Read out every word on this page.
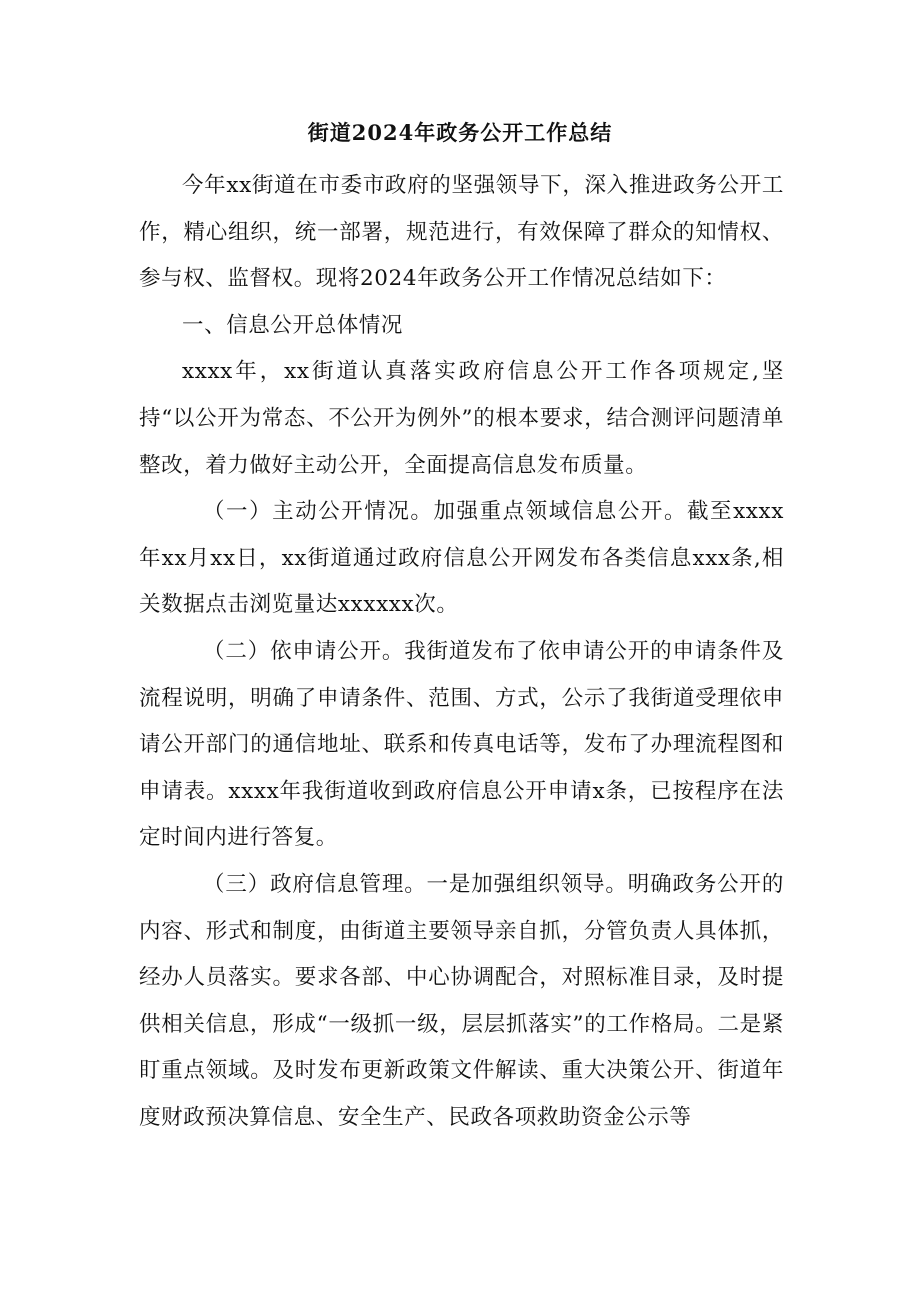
街道2024年政务公开工作总结

今年xx街道在市委市政府的坚强领导下，深入推进政务公开工作，精心组织，统一部署，规范进行，有效保障了群众的知情权、参与权、监督权。现将2024年政务公开工作情况总结如下：

一、信息公开总体情况

xxxx年，xx街道认真落实政府信息公开工作各项规定,坚持“以公开为常态、不公开为例外”的根本要求，结合测评问题清单整改，着力做好主动公开，全面提高信息发布质量。

（一）主动公开情况。加强重点领域信息公开。截至xxxx年xx月xx日，xx街道通过政府信息公开网发布各类信息xxx条,相关数据点击浏览量达xxxxxx次。

（二）依申请公开。我街道发布了依申请公开的申请条件及流程说明，明确了申请条件、范围、方式，公示了我街道受理依申请公开部门的通信地址、联系和传真电话等，发布了办理流程图和申请表。xxxx年我街道收到政府信息公开申请x条，已按程序在法定时间内进行答复。

（三）政府信息管理。一是加强组织领导。明确政务公开的内容、形式和制度，由街道主要领导亲自抓，分管负责人具体抓，经办人员落实。要求各部、中心协调配合，对照标准目录，及时提供相关信息，形成“一级抓一级，层层抓落实”的工作格局。二是紧盯重点领域。及时发布更新政策文件解读、重大决策公开、街道年度财政预决算信息、安全生产、民政各项救助资金公示等
